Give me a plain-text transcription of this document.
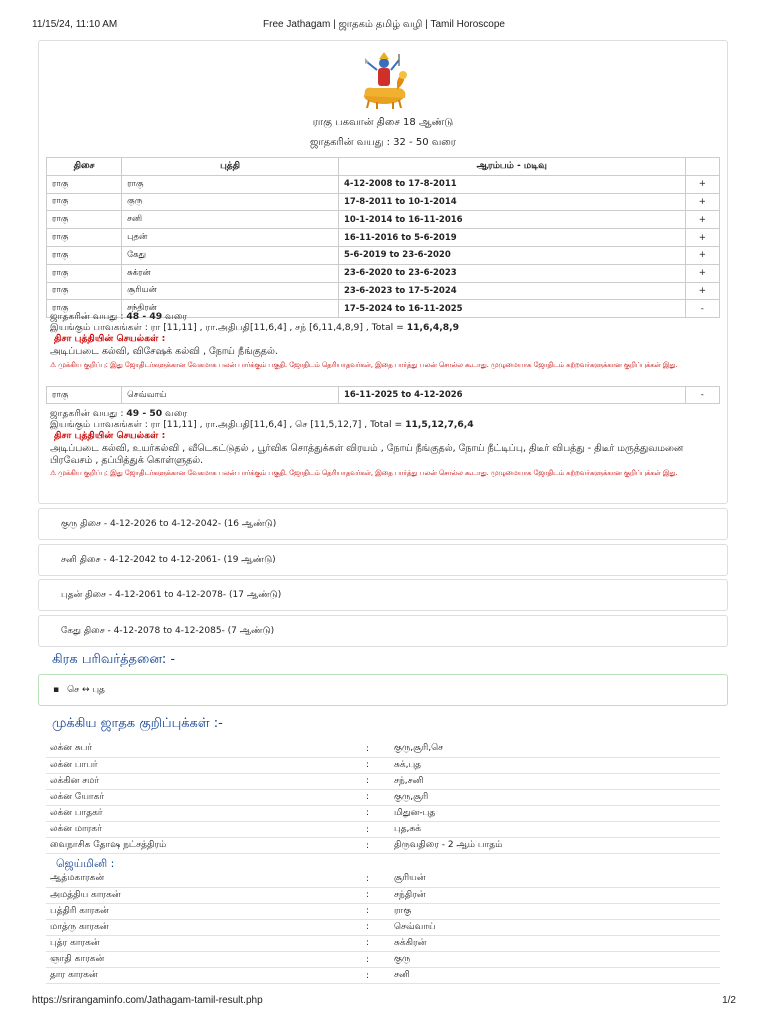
11/15/24, 11:10 AM	Free Jathagam | ஜாதகம் தமிழ் வழி | Tamil Horoscope
ராகு பகவான் திசை 18 ஆண்டு
ஜாதகரின் வயது : 32 - 50 வரை
திசை	புத்தி	ஆரம்பம் - மடிவு	
ராகு	ராகு	4-12-2008 to 17-8-2011	+
ராகு	குரு	17-8-2011 to 10-1-2014	+
ராகு	சனி	10-1-2014 to 16-11-2016	+
ராகு	புதன்	16-11-2016 to 5-6-2019	+
ராகு	கேது	5-6-2019 to 23-6-2020	+
ராகு	சுக்ரன்	23-6-2020 to 23-6-2023	+
ராகு	சூரியன்	23-6-2023 to 17-5-2024	+
ராகு	சந்திரன்	17-5-2024 to 16-11-2025	-
ஜாதகரின் வயது : 48 - 49 வரை
இயங்கும் பாவகங்கள் : ரா [11,11] , ரா.அதிபதி[11,6,4] , சந் [6,11,4,8,9] , Total = 11,6,4,8,9
திசா புத்தியின் செயல்கள் :
அடிப்படை கல்வி, விசேஷக் கல்வி , நோய் நீங்குதல்.
⚠ முக்கிய குறிப்பு: இது ஜோதிடர்களுக்கான வேகமாக பலன் பார்க்கும் பகுதி. ஜோதிடம் தெரியாதவர்கள், இதை பார்த்து பலன் சொல்ல கூடாது. முழுமையாக ஜோதிடம் கற்றவர்களுக்கான குறிப்புக்கள் இது.
ராகு	செவ்வாய்	16-11-2025 to 4-12-2026	-
ஜாதகரின் வயது : 49 - 50 வரை
இயங்கும் பாவகங்கள் : ரா [11,11] , ரா.அதிபதி[11,6,4] , செ [11,5,12,7] , Total = 11,5,12,7,6,4
திசா புத்தியின் செயல்கள் :
அடிப்படை கல்வி, உயர்கல்வி , வீடெகட்டுதல் , பூர்விக சொத்துக்கள் விரயம் , நோய் நீங்குதல், நோய் நீட்டிப்பு, திடீர் விபத்து - திடீர் மருத்துவமனை பிரவேசம் , தப்பித்துக் கொள்ளுதல்.
⚠ முக்கிய குறிப்பு: இது ஜோதிடர்களுக்கான வேகமாக பலன் பார்க்கும் பகுதி. ஜோதிடம் தெரியாதவர்கள், இதை பார்த்து பலன் சொல்ல கூடாது. முழுமையாக ஜோதிடம் கற்றவர்களுக்கான குறிப்புக்கள் இது.
குரு திசை - 4-12-2026 to 4-12-2042- (16 ஆண்டு)
சனி திசை - 4-12-2042 to 4-12-2061- (19 ஆண்டு)
புதன் திசை - 4-12-2061 to 4-12-2078- (17 ஆண்டு)
கேது திசை - 4-12-2078 to 4-12-2085- (7 ஆண்டு)
கிரக பரிவர்த்தனை: -
▪ செ ↔ புத
முக்கிய ஜாதக குறிப்புக்கள் :-
லக்ன சுபர்	:	குரு,சூரி,செ
லக்ன பாபர்	:	சுக்,புத
லக்கின சமர்	:	சந்,சனி
லக்ன யோகர்	:	குரு,சூரி
லக்ன பாதகர்	:	மிதுன-புத
லக்ன மாரகர்	:	புத,சுக்
வைநாசிக தோஷ நட்சத்திரம்	:	திருவதிரை - 2 ஆம் பாதம்
ஜெய்மினி :
ஆத்மகாரகன்	:	சூரியன்
அமத்திய காரகன்	:	சந்திரன்
பத்திரி காரகன்	:	ராகு
மாத்ரு காரகன்	:	செவ்வாய்
புத்ர காரகன்	:	சுக்கிரன்
ஞாதி காரகன்	:	குரு
தார காரகன்	:	சனி
https://srirangaminfo.com/Jathagam-tamil-result.php	1/2
